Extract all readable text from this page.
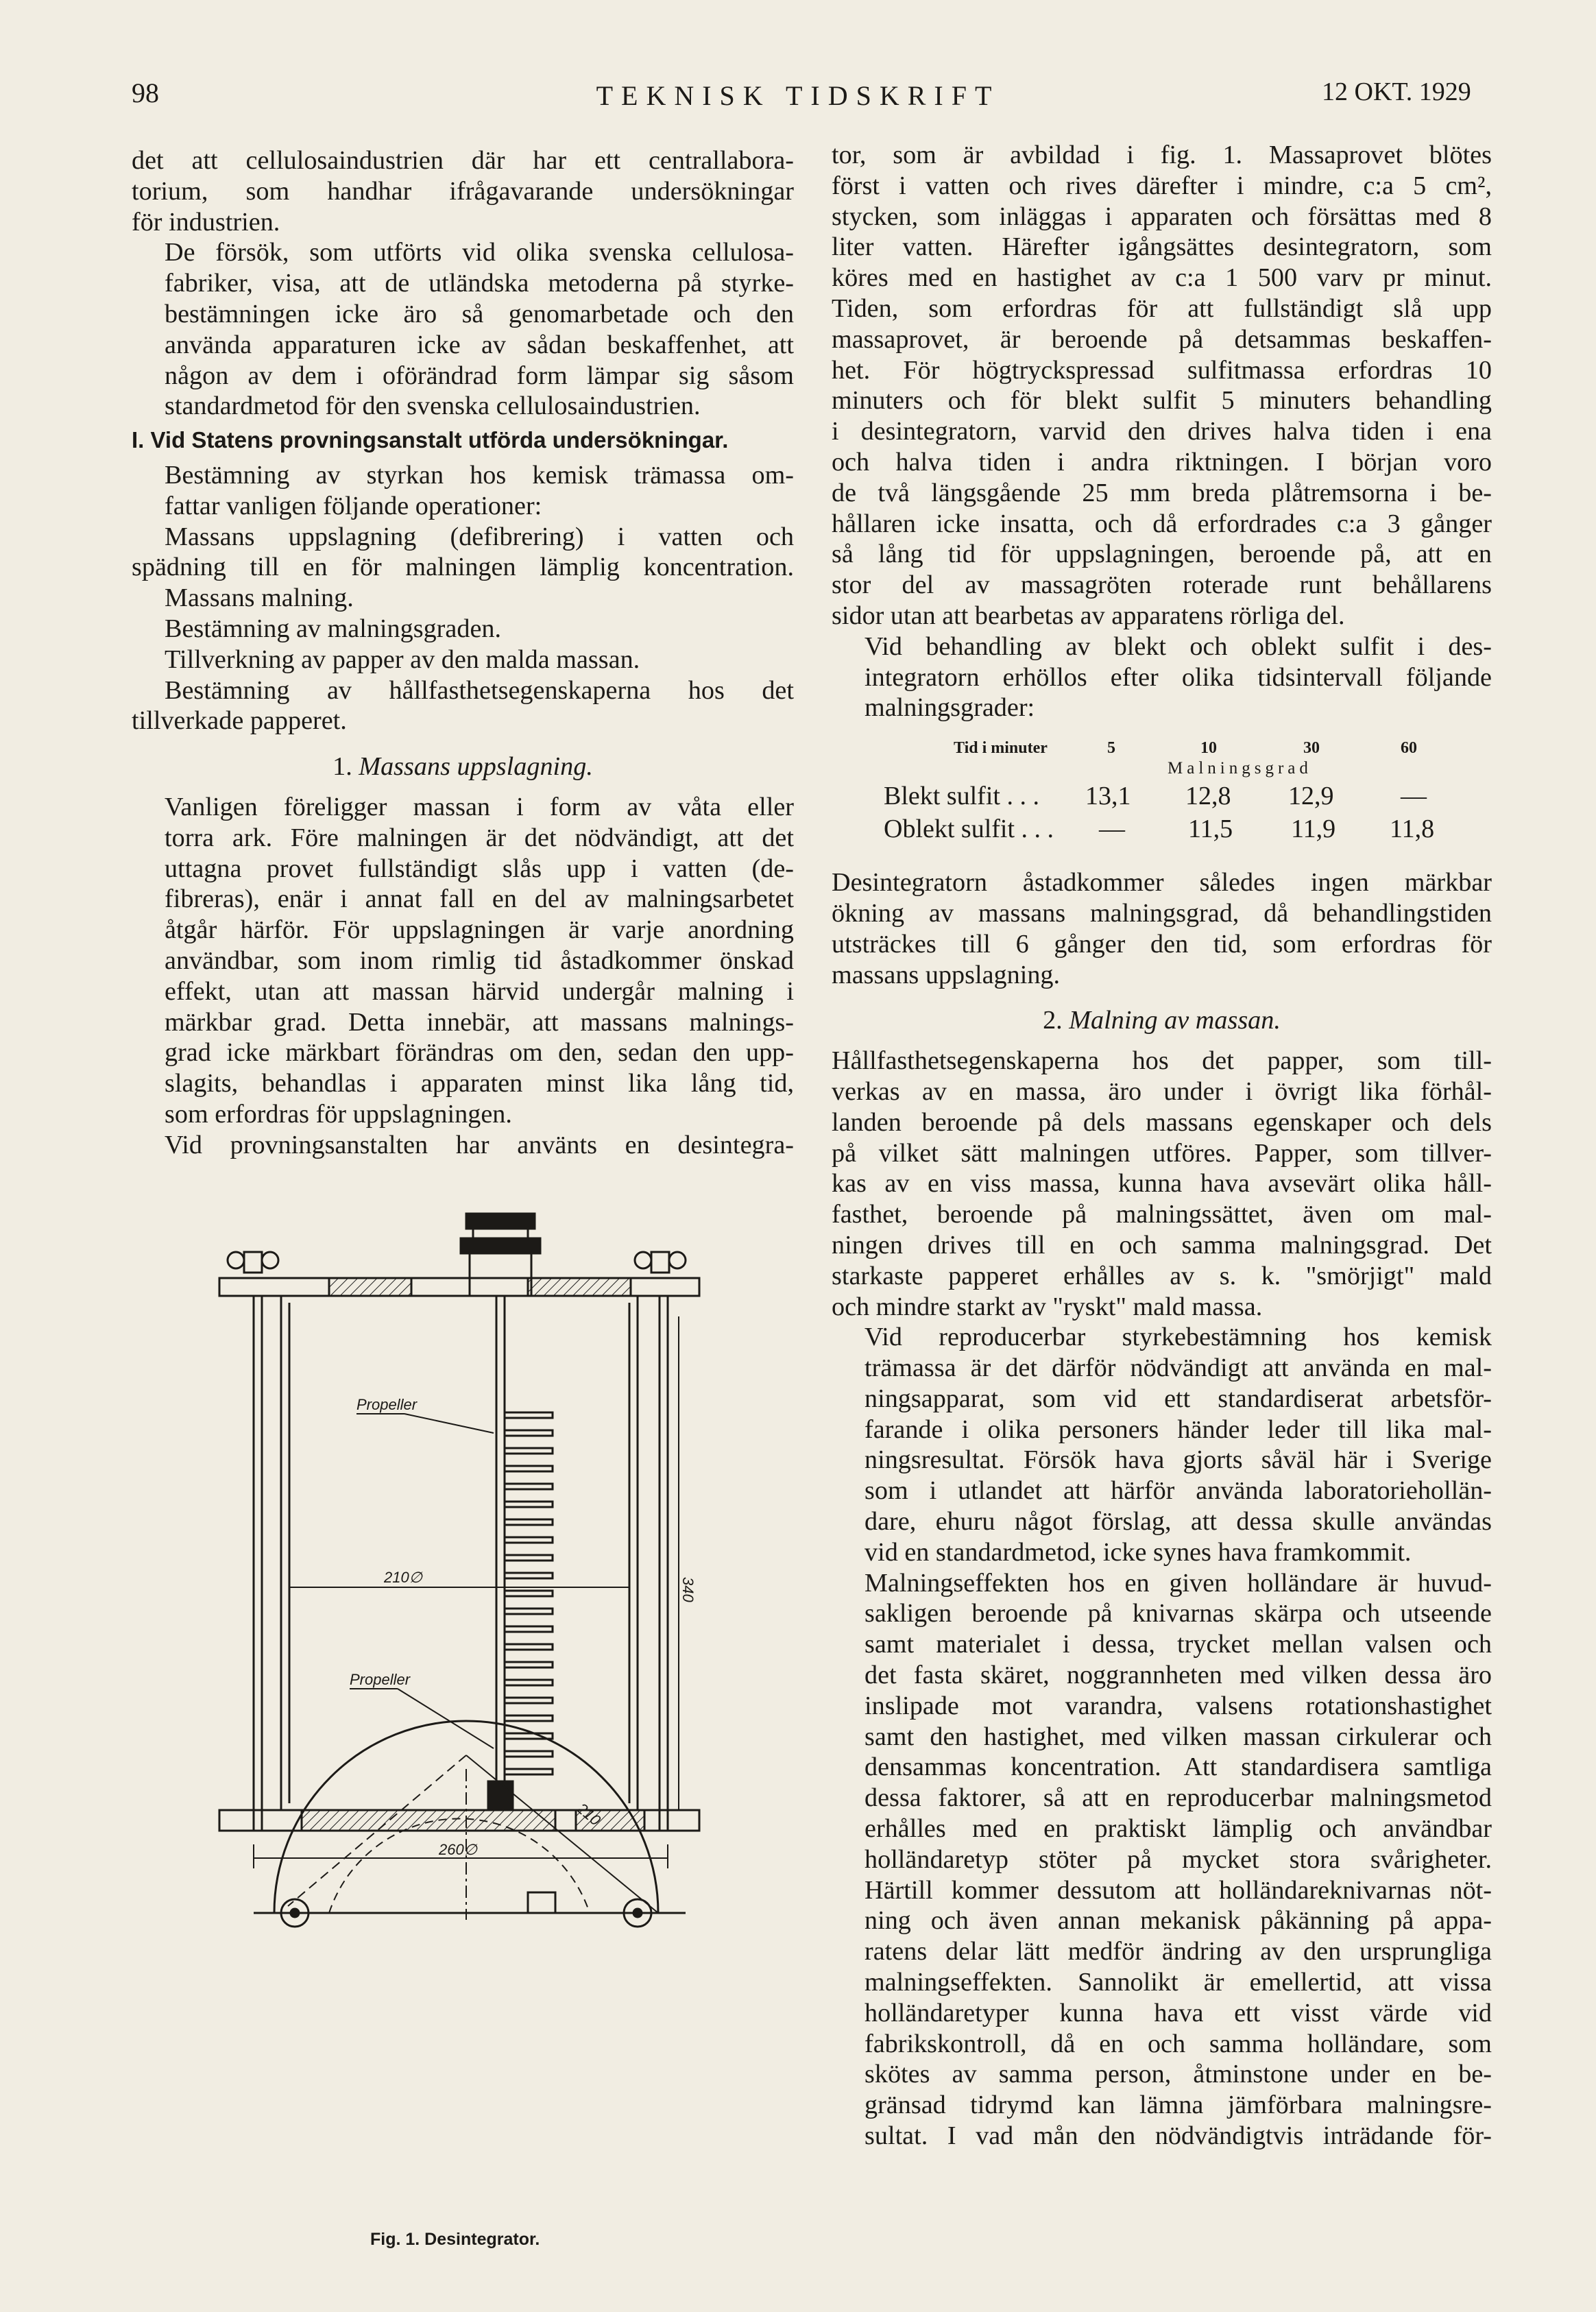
98	TEKNISK TIDSKRIFT	12 OKT. 1929

det att cellulosaindustrien där har ett centrallabora-
torium, som handhar ifrågavarande undersökningar
för industrien.

De försök, som utförts vid olika svenska cellulosa-
fabriker, visa, att de utländska metoderna på styrke-
bestämningen icke äro så genomarbetade och den
använda apparaturen icke av sådan beskaffenhet, att
någon av dem i oförändrad form lämpar sig såsom
standardmetod för den svenska cellulosaindustrien.

I. Vid Statens provningsanstalt utförda undersökningar.

Bestämning av styrkan hos kemisk trämassa om-
fattar vanligen följande operationer:

Massans uppslagning (defibrering) i vatten och
spädning till en för malningen lämplig koncentration.
Massans malning.
Bestämning av malningsgraden.
Tillverkning av papper av den malda massan.
Bestämning av hållfasthetsegenskaperna hos det
tillverkade papperet.
1. Massans uppslagning.

Vanligen föreligger massan i form av våta eller
torra ark. Före malningen är det nödvändigt, att det
uttagna provet fullständigt slås upp i vatten (de-
fibreras), enär i annat fall en del av malningsarbetet
åtgår härför. För uppslagningen är varje anordning
användbar, som inom rimlig tid åstadkommer önskad
effekt, utan att massan härvid undergår malning i
märkbar grad. Detta innebär, att massans malnings-
grad icke märkbart förändras om den, sedan den upp-
slagits, behandlas i apparaten minst lika lång tid,
som erfordras för uppslagningen.

Vid provningsanstalten har använts en desintegra-

Propeller
Propeller
210∅	340
260∅
210
Fig. 1. Desintegrator.

tor, som är avbildad i fig. 1. Massaprovet blötes
först i vatten och rives därefter i mindre, c:a 5 cm²,
stycken, som inläggas i apparaten och försättas med 8
liter vatten. Härefter igångsättes desintegratorn, som
köres med en hastighet av c:a 1 500 varv pr minut.
Tiden, som erfordras för att fullständigt slå upp
massaprovet, är beroende på detsammas beskaffen-
het. För högtryckspressad sulfitmassa erfordras 10
minuters och för blekt sulfit 5 minuters behandling
i desintegratorn, varvid den drives halva tiden i ena
och halva tiden i andra riktningen. I början voro
de två längsgående 25 mm breda plåtremsorna i be-
hållaren icke insatta, och då erfordrades c:a 3 gånger
så lång tid för uppslagningen, beroende på, att en
stor del av massagröten roterade runt behållarens
sidor utan att bearbetas av apparatens rörliga del.

Vid behandling av blekt och oblekt sulfit i des-
integratorn erhöllos efter olika tidsintervall följande
malningsgrader:

Tid i minuter	5	10	30	60
Malningsgrad
Blekt sulfit . . . 13,1 12,8 12,9	—
Oblekt sulfit . . . — 11,5 11,9 11,8

Desintegratorn åstadkommer således ingen märkbar
ökning av massans malningsgrad, då behandlingstiden
utsträckes till 6 gånger den tid, som erfordras för
massans uppslagning.

2. Malning av massan.

Hållfasthetsegenskaperna hos det papper, som till-
verkas av en massa, äro under i övrigt lika förhål-
landen beroende på dels massans egenskaper och dels
på vilket sätt malningen utföres. Papper, som tillver-
kas av en viss massa, kunna hava avsevärt olika håll-
fasthet, beroende på malningssättet, även om mal-
ningen drives till en och samma malningsgrad. Det
starkaste papperet erhålles av s. k. "smörjigt" mald
och mindre starkt av "ryskt" mald massa.

Vid reproducerbar styrkebestämning hos kemisk
trämassa är det därför nödvändigt att använda en mal-
ningsapparat, som vid ett standardiserat arbetsför-
farande i olika personers händer leder till lika mal-
ningsresultat. Försök hava gjorts såväl här i Sverige
som i utlandet att härför använda laboratoriehollän-
dare, ehuru något förslag, att dessa skulle användas
vid en standardmetod, icke synes hava framkommit.

Malningseffekten hos en given holländare är huvud-
sakligen beroende på knivarnas skärpa och utseende
samt materialet i dessa, trycket mellan valsen och
det fasta skäret, noggrannheten med vilken dessa äro
inslipade mot varandra, valsens rotationshastighet
samt den hastighet, med vilken massan cirkulerar och
densammas koncentration. Att standardisera samtliga
dessa faktorer, så att en reproducerbar malningsmetod
erhålles med en praktiskt lämplig och användbar
holländaretyp stöter på mycket stora svårigheter.
Härtill kommer dessutom att holländareknivarnas nöt-
ning och även annan mekanisk påkänning på appa-
ratens delar lätt medför ändring av den ursprungliga
malningseffekten. Sannolikt är emellertid, att vissa
holländaretyper kunna hava ett visst värde vid
fabrikskontroll, då en och samma holländare, som
skötes av samma person, åtminstone under en be-
gränsad tidrymd kan lämna jämförbara malningsre-
sultat. I vad mån den nödvändigtvis inträdande för-
